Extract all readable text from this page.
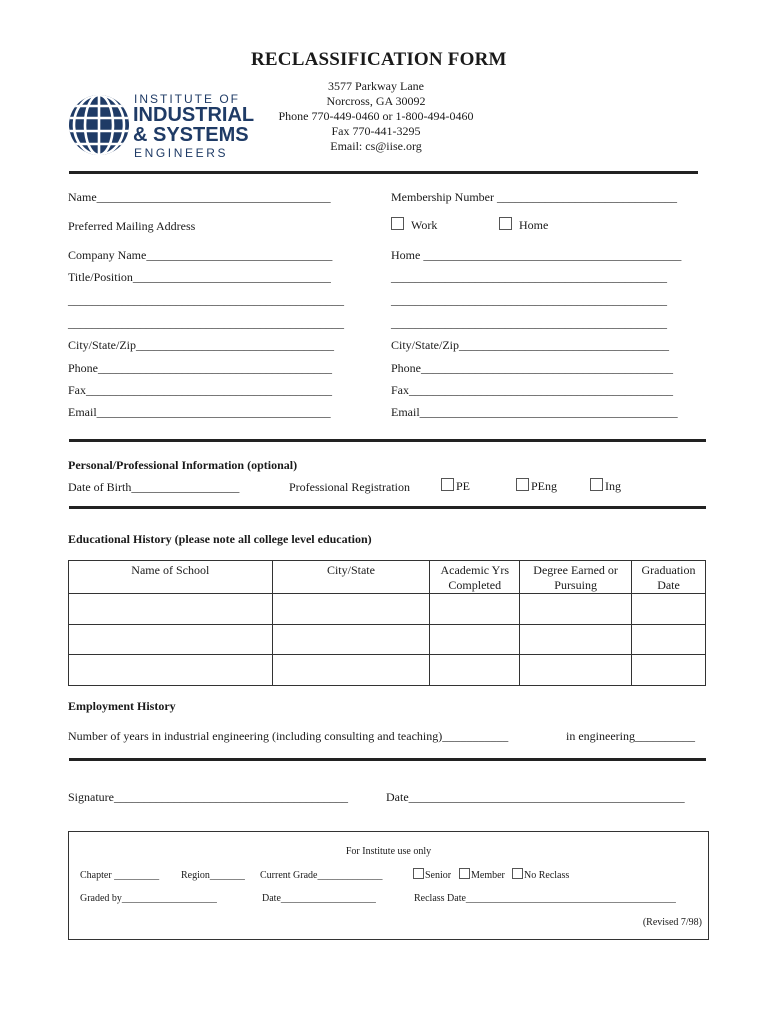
RECLASSIFICATION FORM
3577 Parkway Lane
Norcross, GA 30092
Phone 770-449-0460 or 1-800-494-0460
Fax 770-441-3295
Email: cs@iise.org
INSTITUTE OF
INDUSTRIAL
& SYSTEMS
ENGINEERS
Name_______________________________________	Membership Number ______________________________
Preferred Mailing Address	Work	Home
Company Name_______________________________	Home ___________________________________________
Title/Position_________________________________	______________________________________________
______________________________________________	______________________________________________
______________________________________________	______________________________________________
City/State/Zip_________________________________	City/State/Zip___________________________________
Phone_______________________________________	Phone__________________________________________
Fax_________________________________________	Fax____________________________________________
Email_______________________________________	Email___________________________________________
Personal/Professional Information (optional)
Date of Birth__________________	Professional Registration	PE	PEng	Ing
Educational History (please note all college level education)
Name of School	City/State	Academic Yrs Completed	Degree Earned or Pursuing	Graduation Date

Employment History
Number of years in industrial engineering (including consulting and teaching)___________	in engineering__________
Signature_______________________________________	Date______________________________________________
For Institute use only
Chapter _________ Region_______ Current Grade_____________	Senior	Member	No Reclass
Graded by___________________	Date___________________	Reclass Date__________________________________________
(Revised 7/98)
